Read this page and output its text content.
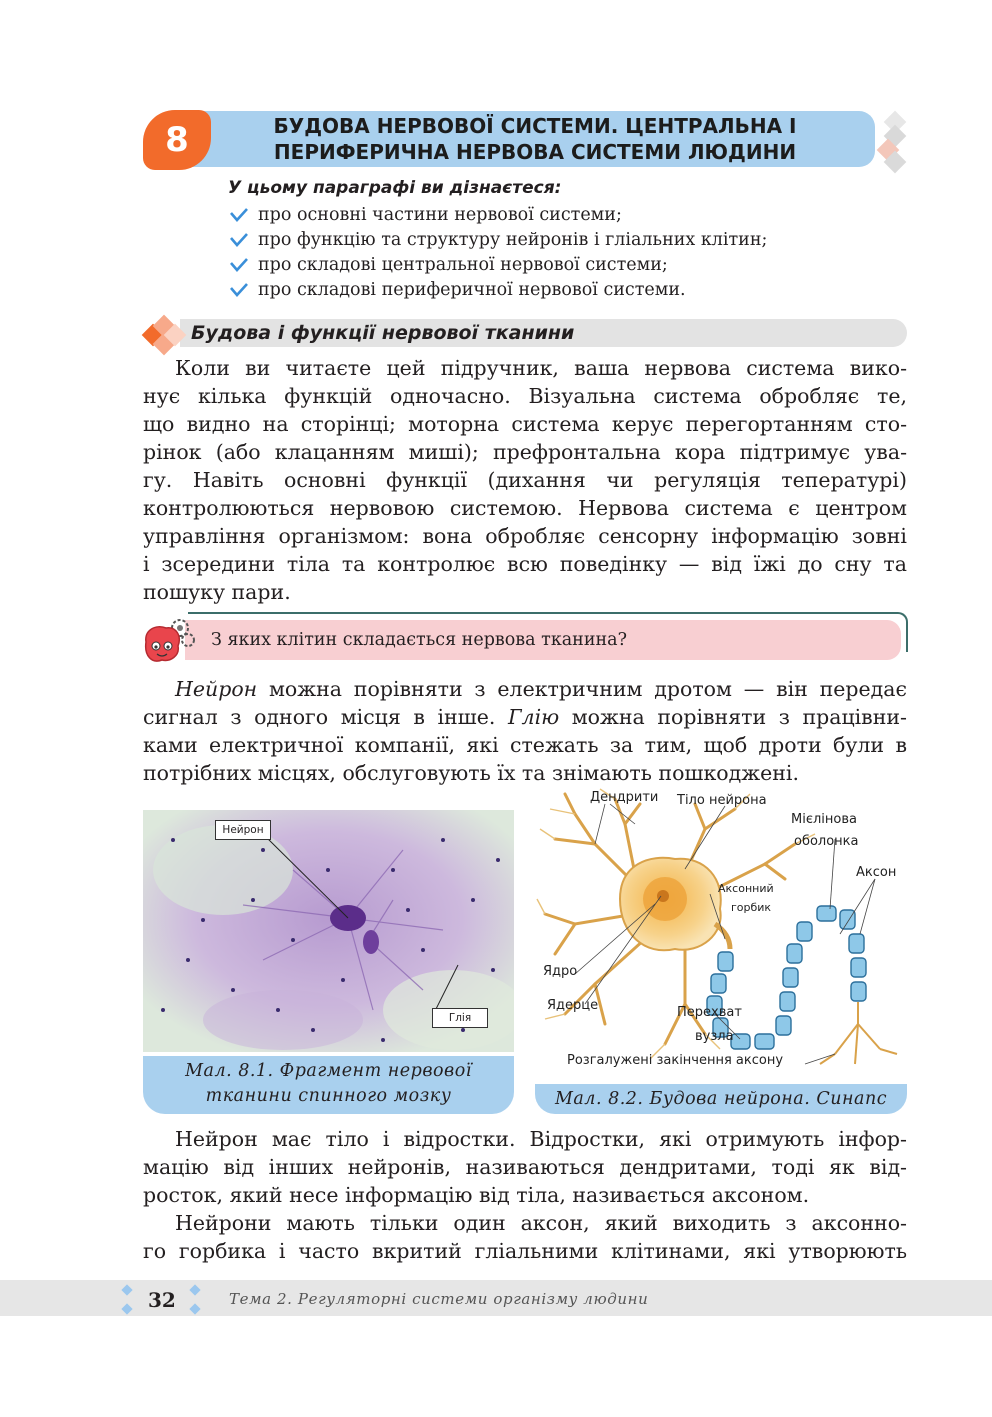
8	БУДОВА НЕРВОВОЇ СИСТЕМИ. ЦЕНТРАЛЬНА І
ПЕРИФЕРИЧНА НЕРВОВА СИСТЕМИ ЛЮДИНИ
У цьому параграфі ви дізнаєтеся:
про основні частини нервової системи;
про функцію та структуру нейронів і гліальних клітин;
про складові центральної нервової системи;
про складові периферичної нервової системи.
Будова і функції нервової тканини
Коли ви читаєте цей підручник, ваша нервова система вико-
нує кілька функцій одночасно. Візуальна система обробляє те,
що видно на сторінці; моторна система керує перегортанням сто-
рінок (або клацанням миші); префронтальна кора підтримує ува-
гу. Навіть основні функції (дихання чи регуляція тепературі)
контролюються нервовою системою. Нервова система є центром
управління організмом: вона обробляє сенсорну інформацію зовні
і зсередини тіла та контролює всю поведінку — від їжі до сну та
пошуку пари.
З яких клітин складається нервова тканина?
Нейрон можна порівняти з електричним дротом — він передає
сигнал з одного місця в інше. Глію можна порівняти з працівни-
ками електричної компанії, які стежать за тим, щоб дроти були в
потрібних місцях, обслуговують їх та знімають пошкоджені.
Нейрон
Глія
Мал. 8.1. Фрагмент нервової
тканини спинного мозку
Дендрити Тіло нейрона
Мієлінова
оболонка
Аксон
Аксонний
горбик
Ядро
Ядерце	Перехват
вузла
Розгалужені закінчення аксону
Мал. 8.2. Будова нейрона. Синапс
Нейрон має тіло і відростки. Відростки, які отримують інфор-
мацію від інших нейронів, називаються дендритами, тоді як від-
росток, який несе інформацію від тіла, називається аксоном.
Нейрони мають тільки один аксон, який виходить з аксонно-
го горбика і часто вкритий гліальними клітинами, які утворюють
32	Тема 2. Регуляторні системи організму людини
